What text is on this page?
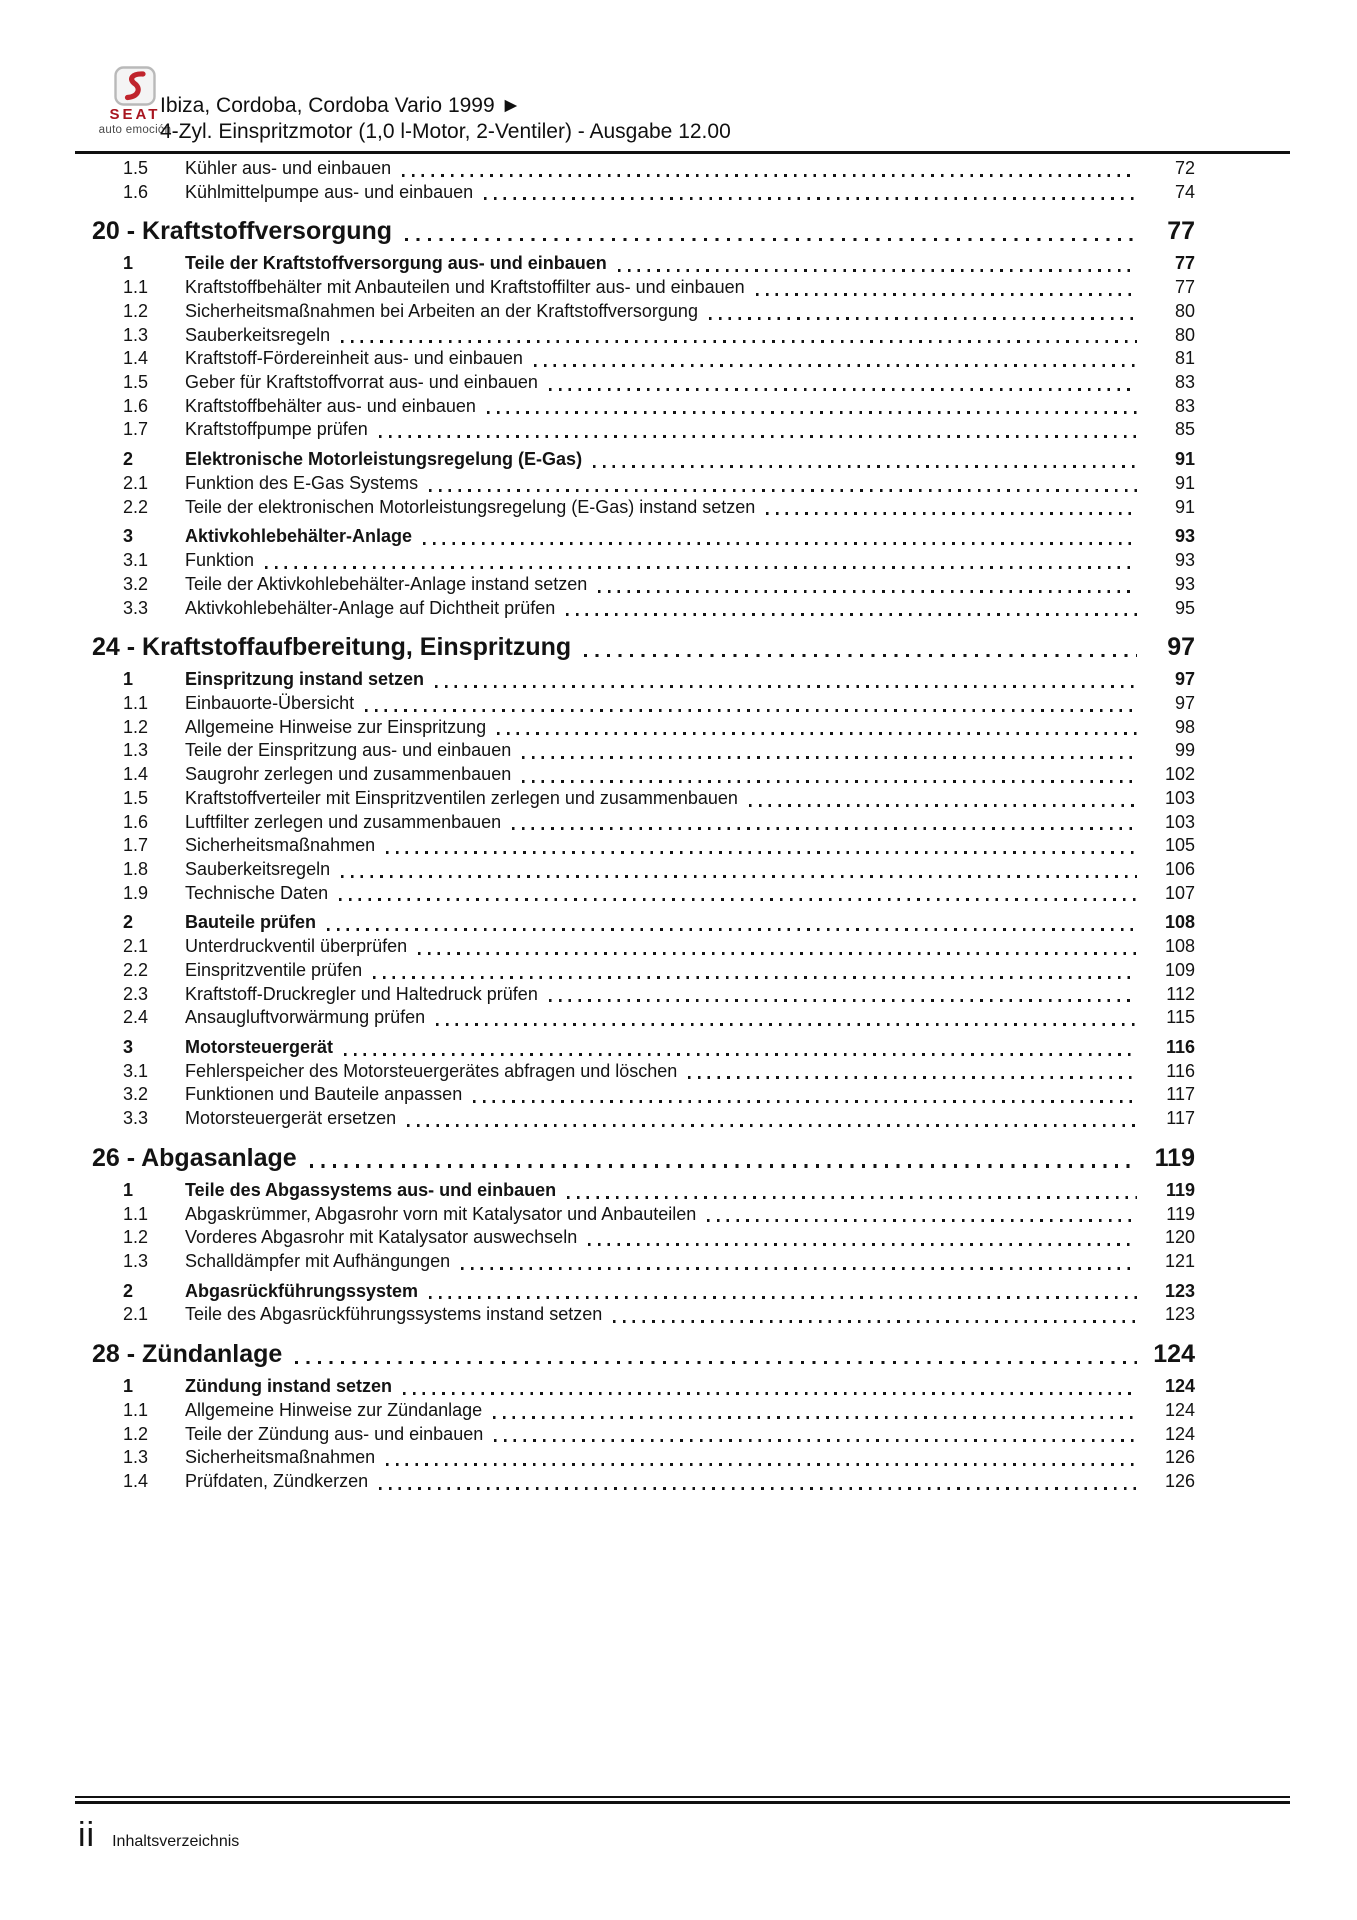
SEAT
auto emoción
Ibiza, Cordoba, Cordoba Vario 1999 ►
4-Zyl. Einspritzmotor (1,0 l-Motor, 2-Ventiler) - Ausgabe 12.00
1.5	Kühler aus- und einbauen	72
1.6	Kühlmittelpumpe aus- und einbauen	74
20 - Kraftstoffversorgung	77
1	Teile der Kraftstoffversorgung aus- und einbauen	77
1.1	Kraftstoffbehälter mit Anbauteilen und Kraftstoffilter aus- und einbauen	77
1.2	Sicherheitsmaßnahmen bei Arbeiten an der Kraftstoffversorgung	80
1.3	Sauberkeitsregeln	80
1.4	Kraftstoff-Fördereinheit aus- und einbauen	81
1.5	Geber für Kraftstoffvorrat aus- und einbauen	83
1.6	Kraftstoffbehälter aus- und einbauen	83
1.7	Kraftstoffpumpe prüfen	85
2	Elektronische Motorleistungsregelung (E-Gas)	91
2.1	Funktion des E-Gas Systems	91
2.2	Teile der elektronischen Motorleistungsregelung (E-Gas) instand setzen	91
3	Aktivkohlebehälter-Anlage	93
3.1	Funktion	93
3.2	Teile der Aktivkohlebehälter-Anlage instand setzen	93
3.3	Aktivkohlebehälter-Anlage auf Dichtheit prüfen	95
24 - Kraftstoffaufbereitung, Einspritzung	97
1	Einspritzung instand setzen	97
1.1	Einbauorte-Übersicht	97
1.2	Allgemeine Hinweise zur Einspritzung	98
1.3	Teile der Einspritzung aus- und einbauen	99
1.4	Saugrohr zerlegen und zusammenbauen	102
1.5	Kraftstoffverteiler mit Einspritzventilen zerlegen und zusammenbauen	103
1.6	Luftfilter zerlegen und zusammenbauen	103
1.7	Sicherheitsmaßnahmen	105
1.8	Sauberkeitsregeln	106
1.9	Technische Daten	107
2	Bauteile prüfen	108
2.1	Unterdruckventil überprüfen	108
2.2	Einspritzventile prüfen	109
2.3	Kraftstoff-Druckregler und Haltedruck prüfen	112
2.4	Ansaugluftvorwärmung prüfen	115
3	Motorsteuergerät	116
3.1	Fehlerspeicher des Motorsteuergerätes abfragen und löschen	116
3.2	Funktionen und Bauteile anpassen	117
3.3	Motorsteuergerät ersetzen	117
26 - Abgasanlage	119
1	Teile des Abgassystems aus- und einbauen	119
1.1	Abgaskrümmer, Abgasrohr vorn mit Katalysator und Anbauteilen	119
1.2	Vorderes Abgasrohr mit Katalysator auswechseln	120
1.3	Schalldämpfer mit Aufhängungen	121
2	Abgasrückführungssystem	123
2.1	Teile des Abgasrückführungssystems instand setzen	123
28 - Zündanlage	124
1	Zündung instand setzen	124
1.1	Allgemeine Hinweise zur Zündanlage	124
1.2	Teile der Zündung aus- und einbauen	124
1.3	Sicherheitsmaßnahmen	126
1.4	Prüfdaten, Zündkerzen	126
ii Inhaltsverzeichnis
